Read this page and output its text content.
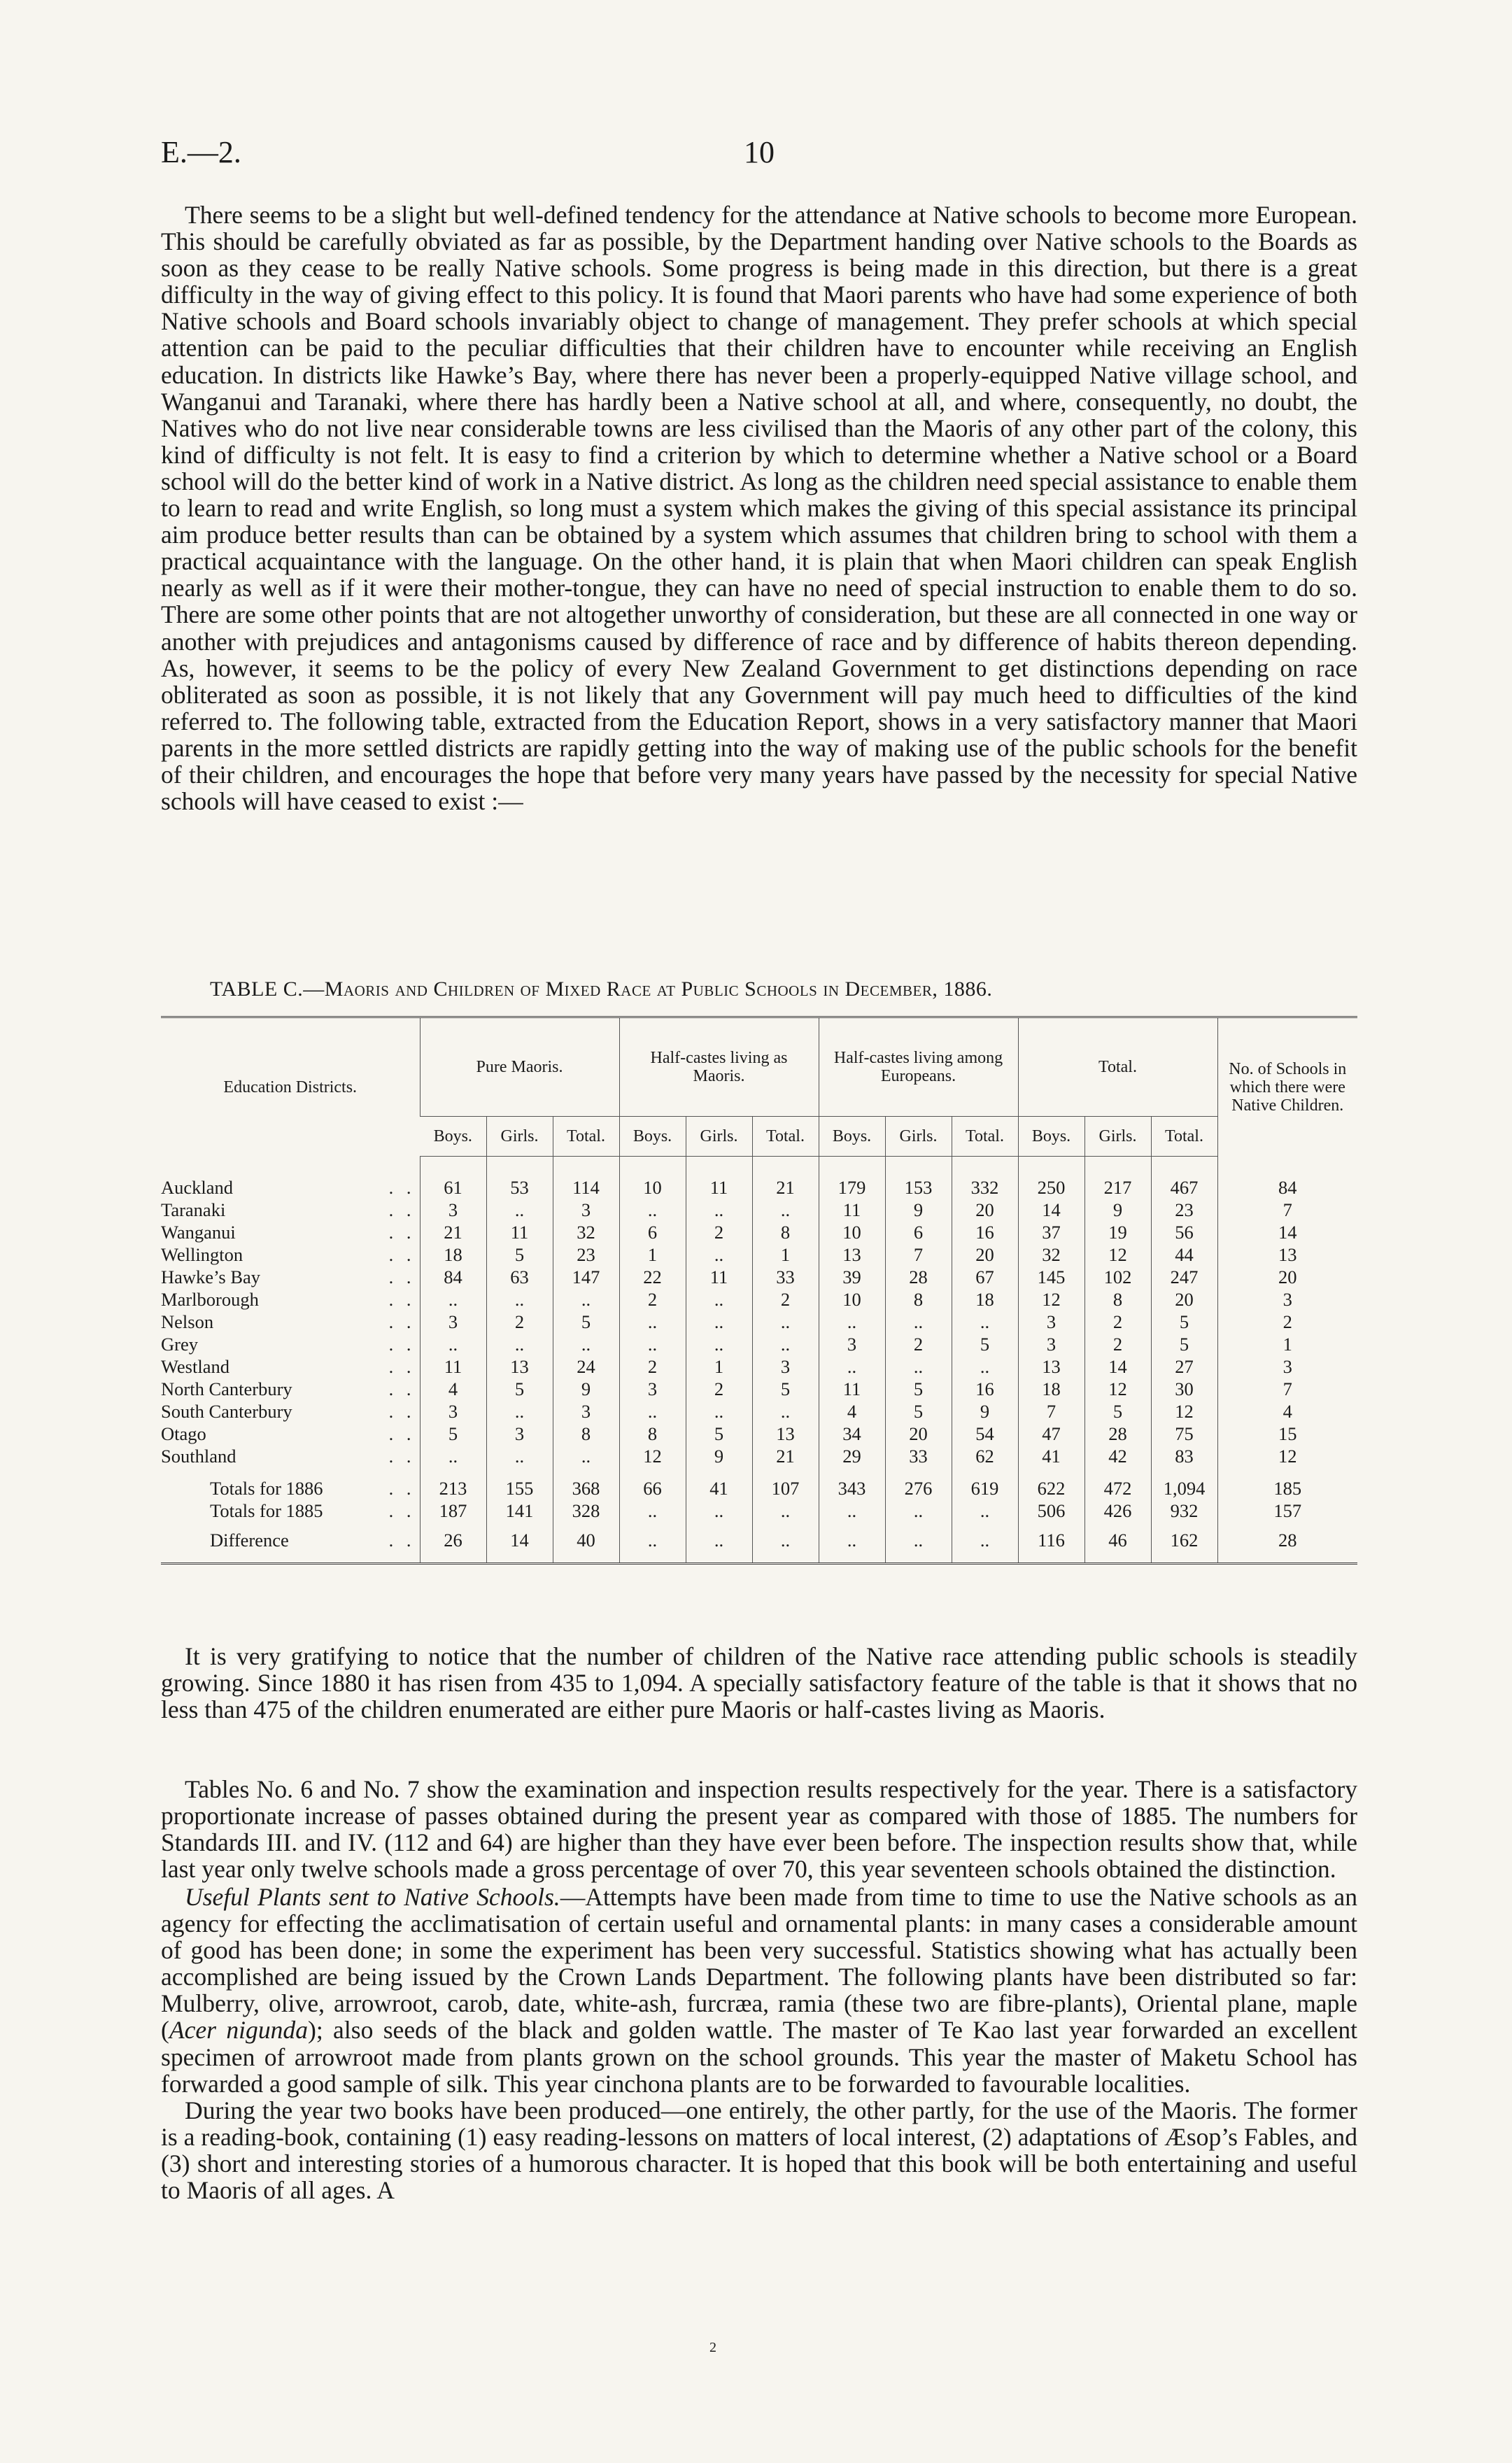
E.—2.	10

There seems to be a slight but well-defined tendency for the attendance at Native schools to become more European. This should be carefully obviated as far as possible, by the Department handing over Native schools to the Boards as soon as they cease to be really Native schools. Some progress is being made in this direction, but there is a great difficulty in the way of giving effect to this policy. It is found that Maori parents who have had some experience of both Native schools and Board schools invariably object to change of management. They prefer schools at which special attention can be paid to the peculiar difficulties that their children have to encounter while receiving an English education. In districts like Hawke’s Bay, where there has never been a properly-equipped Native village school, and Wanganui and Taranaki, where there has hardly been a Native school at all, and where, consequently, no doubt, the Natives who do not live near considerable towns are less civilised than the Maoris of any other part of the colony, this kind of difficulty is not felt. It is easy to find a criterion by which to determine whether a Native school or a Board school will do the better kind of work in a Native district. As long as the children need special assistance to enable them to learn to read and write English, so long must a system which makes the giving of this special assistance its principal aim produce better results than can be obtained by a system which assumes that children bring to school with them a practical acquaintance with the language. On the other hand, it is plain that when Maori children can speak English nearly as well as if it were their mother-tongue, they can have no need of special instruction to enable them to do so. There are some other points that are not altogether unworthy of consideration, but these are all connected in one way or another with prejudices and antagonisms caused by difference of race and by difference of habits thereon depending. As, however, it seems to be the policy of every New Zealand Government to get distinctions depending on race obliterated as soon as possible, it is not likely that any Government will pay much heed to difficulties of the kind referred to. The following table, extracted from the Education Report, shows in a very satisfactory manner that Maori parents in the more settled districts are rapidly getting into the way of making use of the public schools for the benefit of their children, and encourages the hope that before very many years have passed by the necessity for special Native schools will have ceased to exist :—

TABLE C.—Maoris and Children of Mixed Race at Public Schools in December, 1886.
Education Districts.	Pure Maoris.			Half-castes living as Maoris.			Half-castes living among Europeans.			Total.			No. of Schools in which there were Native Children.
	Boys.	Girls.	Total.	Boys.	Girls.	Total.	Boys.	Girls.	Total.	Boys.	Girls.	Total.	
Auckland . .	61	53	114	10	11	21	179	153	332	250	217	467	84
Taranaki . .	3	..	3	..	..	..	11	9	20	14	9	23	7
Wanganui . .	21	11	32	6	2	8	10	6	16	37	19	56	14
Wellington . .	18	5	23	1	..	1	13	7	20	32	12	44	13
Hawke’s Bay . .	84	63	147	22	11	33	39	28	67	145	102	247	20
Marlborough . .	..	..	..	2	..	2	10	8	18	12	8	20	3
Nelson . .	3	2	5	..	..	..	..	..	..	3	2	5	2
Grey . .	..	..	..	..	..	..	3	2	5	3	2	5	1
Westland . .	11	13	24	2	1	3	..	..	..	13	14	27	3
North Canterbury . .	4	5	9	3	2	5	11	5	16	18	12	30	7
South Canterbury . .	3	..	3	..	..	..	4	5	9	7	5	12	4
Otago . .	5	3	8	8	5	13	34	20	54	47	28	75	15
Southland . .	..	..	..	12	9	21	29	33	62	41	42	83	12
Totals for 1886 . .	213	155	368	66	41	107	343	276	619	622	472	1,094	185
Totals for 1885 . .	187	141	328	..	..	..	..	..	..	506	426	932	157
Difference . .	26	14	40	..	..	..	..	..	..	116	46	162	28

It is very gratifying to notice that the number of children of the Native race attending public schools is steadily growing. Since 1880 it has risen from 435 to 1,094. A specially satisfactory feature of the table is that it shows that no less than 475 of the children enumerated are either pure Maoris or half-castes living as Maoris.

Tables No. 6 and No. 7 show the examination and inspection results respectively for the year. There is a satisfactory proportionate increase of passes obtained during the present year as compared with those of 1885. The numbers for Standards III. and IV. (112 and 64) are higher than they have ever been before. The inspection results show that, while last year only twelve schools made a gross percentage of over 70, this year seventeen schools obtained the distinction.

Useful Plants sent to Native Schools.—Attempts have been made from time to time to use the Native schools as an agency for effecting the acclimatisation of certain useful and ornamental plants: in many cases a considerable amount of good has been done; in some the experiment has been very successful. Statistics showing what has actually been accomplished are being issued by the Crown Lands Department. The following plants have been distributed so far: Mulberry, olive, arrowroot, carob, date, white-ash, furcræa, ramia (these two are fibre-plants), Oriental plane, maple (Acer nigunda); also seeds of the black and golden wattle. The master of Te Kao last year forwarded an excellent specimen of arrowroot made from plants grown on the school grounds. This year the master of Maketu School has forwarded a good sample of silk. This year cinchona plants are to be forwarded to favourable localities.

During the year two books have been produced—one entirely, the other partly, for the use of the Maoris. The former is a reading-book, containing (1) easy reading-lessons on matters of local interest, (2) adaptations of Æsop’s Fables, and (3) short and interesting stories of a humorous character. It is hoped that this book will be both entertaining and useful to Maoris of all ages. A

2
